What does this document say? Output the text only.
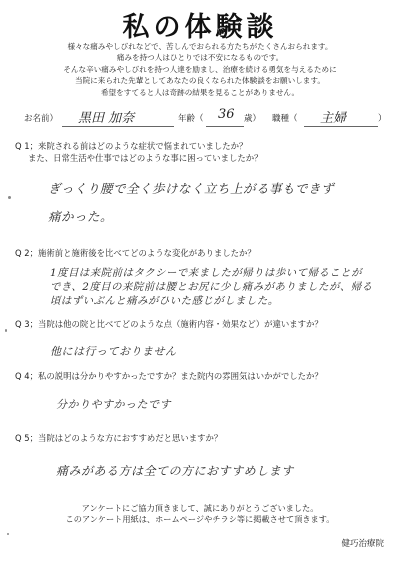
私の体験談
様々な痛みやしびれなどで、苦しんでおられる方たちがたくさんおられます。
痛みを持つ人はひとりでは不安になるものです。
そんな辛い痛みやしびれを持つ人達を励まし、治療を続ける勇気を与えるために
当院に来られた先輩としてあなたの良くなられた体験談をお願いします。
希望をすてると人は奇跡の結果を見ることがありません。
お名前） 黒田 加奈	年齢（ 36 歳） 職種（ 主婦	）
Q 1；来院される前はどのような症状で悩まれていましたか？
また、日常生活や仕事ではどのような事に困っていましたか？
ぎっくり腰で全く歩けなく立ち上がる事もできず
痛かった。
Q 2；施術前と施術後を比べてどのような変化がありましたか？
1度目は来院前はタクシーで来ましたが帰りは歩いて帰ることが
でき、2度目の来院前は腰とお尻に少し痛みがありましたが、帰る
頃はずいぶんと痛みがひいた感じがしました。
Q 3；当院は他の院と比べてどのような点（施術内容・効果など）が違いますか？
他には行っておりません
Q 4；私の説明は分かりやすかったですか？また院内の雰囲気はいかがでしたか？
分かりやすかったです
Q 5；当院はどのような方におすすめだと思いますか？
痛みがある方は全ての方におすすめします
アンケートにご協力頂きまして、誠にありがとうございました。
このアンケート用紙は、ホームページやチラシ等に掲載させて頂きます。
健巧治療院
